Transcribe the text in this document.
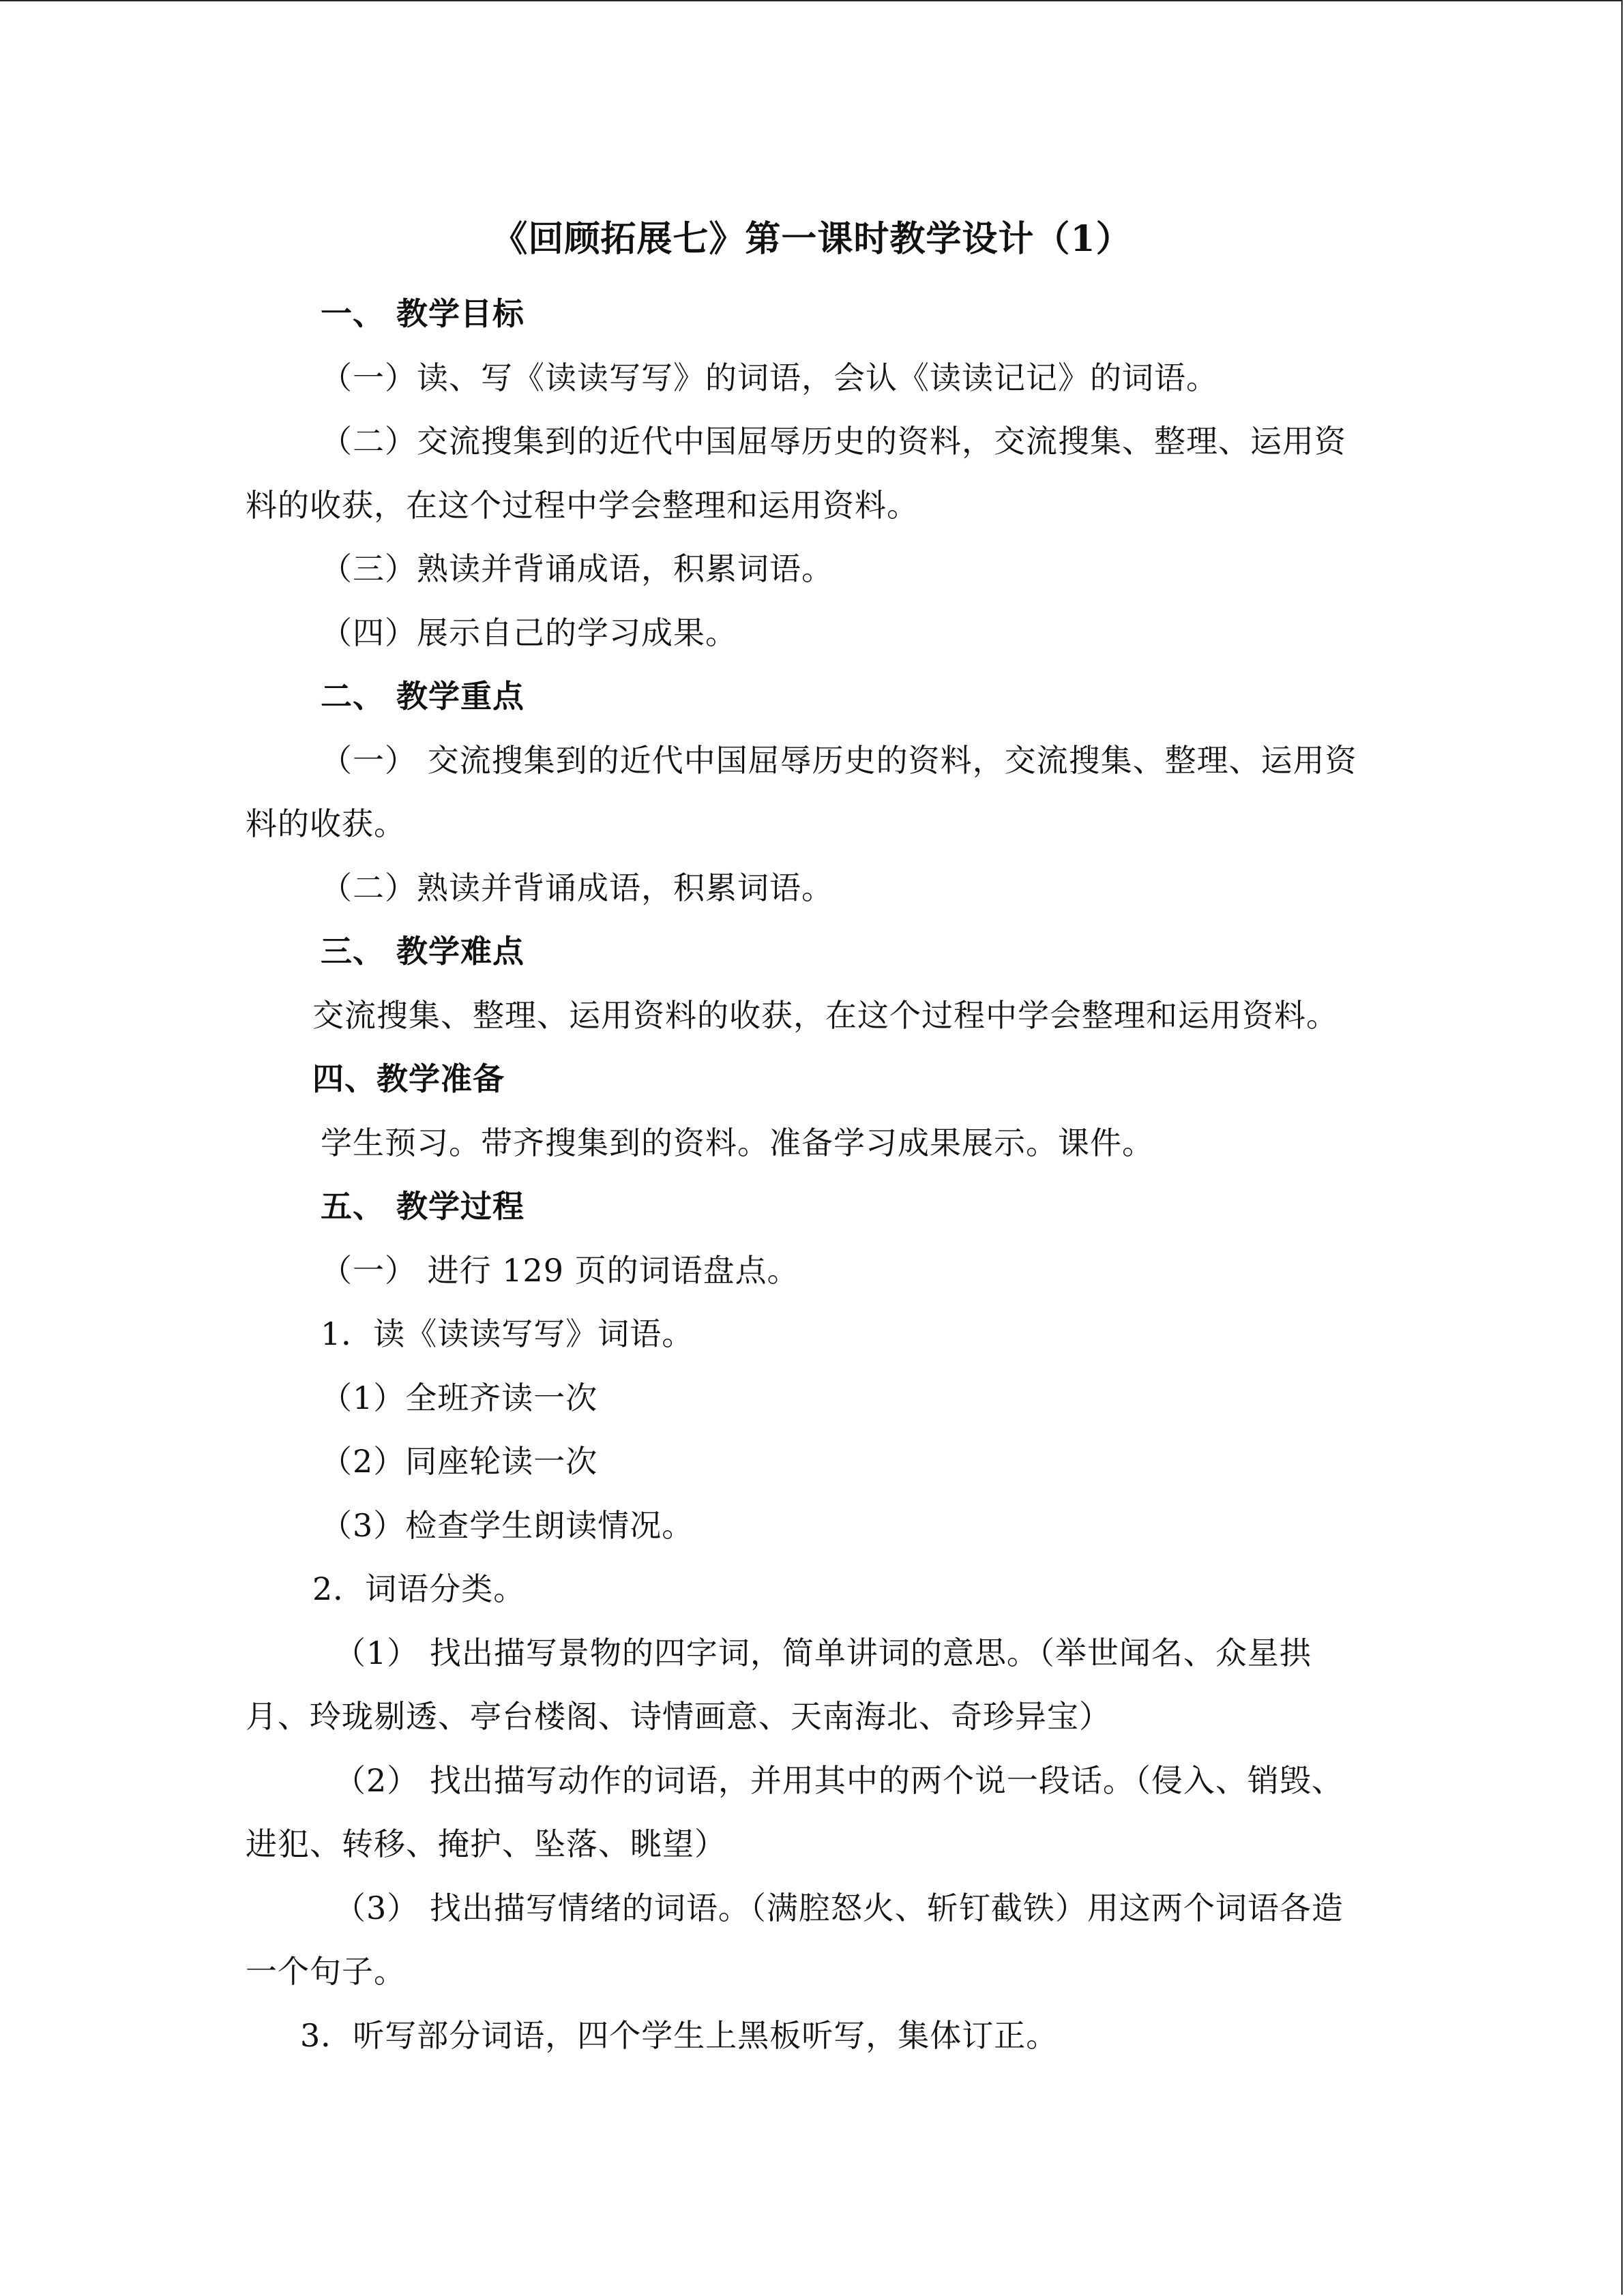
《回顾拓展七》第一课时教学设计（1）
一、 教学目标
（一）读、写《读读写写》的词语，会认《读读记记》的词语。
（二）交流搜集到的近代中国屈辱历史的资料，交流搜集、整理、运用资
料的收获，在这个过程中学会整理和运用资料。
（三）熟读并背诵成语，积累词语。
（四）展示自己的学习成果。
二、 教学重点
（一） 交流搜集到的近代中国屈辱历史的资料，交流搜集、整理、运用资
料的收获。
（二）熟读并背诵成语，积累词语。
三、 教学难点
交流搜集、整理、运用资料的收获，在这个过程中学会整理和运用资料。
四、教学准备
学生预习。带齐搜集到的资料。准备学习成果展示。课件。
五、 教学过程
（一） 进行 129 页的词语盘点。
1．读《读读写写》词语。
（1）全班齐读一次
（2）同座轮读一次
（3）检查学生朗读情况。
2．词语分类。
（1） 找出描写景物的四字词，简单讲词的意思。（举世闻名、众星拱
月、玲珑剔透、亭台楼阁、诗情画意、天南海北、奇珍异宝）
（2） 找出描写动作的词语，并用其中的两个说一段话。（侵入、销毁、
进犯、转移、掩护、坠落、眺望）
（3） 找出描写情绪的词语。（满腔怒火、斩钉截铁）用这两个词语各造
一个句子。
3．听写部分词语，四个学生上黑板听写，集体订正。
